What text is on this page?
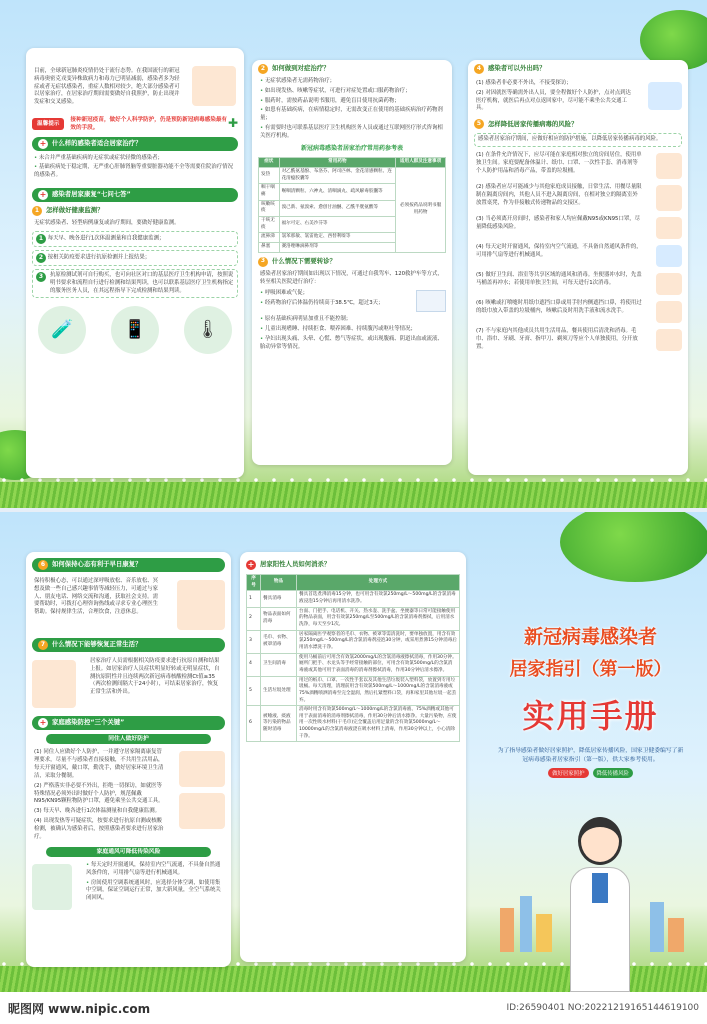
目前，全球新冠肺炎疫情仍处于流行态势。在我国流行的新冠病毒奥密克戎变异株致病力和毒力已明显减弱，感染者多为轻症或者无症状感染者，重症人数相对较少，绝大部分感染者可以居家治疗，在居家治疗期间需要做好自我照护，防止出现并发症和交叉感染。
温馨提示
接种新冠疫苗，做好个人科学防护，仍是预防新冠病毒感染最有效的手段。	✚
+ 什么样的感染者适合居家治疗？
• 未合并严重基础疾病的无症状或症状轻微的感染者；
• 基础疾病处于稳定期，无严重心肝肺肾脑等重要脏器功能不全等需要住院治疗情况的感染者。
+ 感染者居家康复“七问七答”
1	怎样做好健康监测？
无症状感染者、轻型病例康复或治疗期间，要做好健康监测。
1 每天早、晚各进行1次体温测量和自我健康监测；
2 按相关防疫要求进行抗原检测并上报结果；
3	抗原检测试剂可自行购买，也可向社区对口的基层医疗卫生机构申请，按照说明书要求和流程自行进行检测和结果判读，也可以联系基层医疗卫生机构指定的服务医务人员，在其远程指导下完成检测和结果判读。
🧪	📱	🌡
2	如何做到对症治疗？
• 无症状感染者无需药物治疗；
• 如出现发热、咳嗽等症状，可进行对症处置或口服药物治疗；
• 服药时，需按药品说明书服用，避免盲目使用抗菌药物；
• 如患有基础疾病，在病情稳定时，无需改变正在使用的基础疾病治疗药物剂量；
• 有需要时也可联系基层医疗卫生机构医务人员或通过互联网医疗形式咨询相关医疗机构。
新冠病毒感染者居家治疗常用药参考表
症状	常用药物	适用人群及注意事项
发热	对乙酰氨基酚、布洛芬、阿司匹林、金花清感颗粒、连花清瘟胶囊等	必须按药品说明书服用药物
咽干咽痛	喉咽清颗粒、六神丸、清咽滴丸、疏风解毒胶囊等	
咳嗽咳痰	溴己新、氨溴索、愈创甘油醚、乙酰半胱氨酸等	
干咳无痰	福尔可定、右美沙芬等	
流鼻涕	氯苯那敏、氯雷他定、西替利嗪等	
鼻塞	赛洛唑啉滴鼻剂等	
3	什么情况下需要转诊？
感染者居家治疗期间如出现以下情况，可通过自我驾车、120救护车等方式，转至相关医院进行治疗：
• 呼吸困难或气促；
• 经药物治疗后体温仍持续高于38.5℃，超过3天；
• 原有基础疾病明显加重且不能控制；
• 儿童出现嗜睡、持续拒食、喂养困难、持续腹泻或呕吐等情况；
• 孕妇出现头痛、头晕、心慌、憋气等症状，或出现腹痛、阴道出血或流液、胎动异常等情况。
4	感染者可以外出吗？
(1) 感染者非必要不外出，不接受探访；
(2) 对因就医等确需外出人员，要全程做好个人防护，点对点到达医疗机构，就医后再点对点返回家中，尽可能不乘坐公共交通工具。
5	怎样降低居家传播病毒的风险？
感染者居家治疗期间，应做好相应的防护措施，以降低居家传播病毒的风险。
(1) 在条件允许情况下，应尽可能在家庭相对独立的房间居住，使用单独卫生间。家庭要配备体温计、纸巾、口罩、一次性手套、消毒剂等个人防护用品和消毒产品，带盖的垃圾桶。
(2) 感染者应尽可能减少与其他家庭成员接触，日常生活、用餐尽量限制在隔离房间内，其他人员不进入隔离房间，在相对独立的隔离室外放置桌凳，作为非接触式传递物品的交接区。
(3) 当必须离开房间时，感染者和家人均应佩戴N95或KN95口罩，尽量降低感染风险。
(4) 每天定时开窗通风，保持室内空气流通，不具备自然通风条件的，可用排气扇等进行机械通风。
(5) 做好卫生间、浴室等共享区域的通风和消毒。坐便器冲水时，先盖马桶盖再冲水；若使用单独卫生间，可每天进行1次消毒。
(6) 咳嗽或打喷嚏时用纸巾遮挡口鼻或用手肘内侧遮挡口鼻，将使用过的纸巾放入带盖的垃圾桶内，咳嗽后及时用洗手液和流水洗手。
(7) 不与家庭内其他成员共用生活用品，餐具使用后清洗和消毒。毛巾、浴巾、牙刷、牙膏、指甲刀、剃须刀等应个人单独使用，分开放置。
6	如何保持心态有利于早日康复？
保持积极心态，可以通过深呼吸放松、音乐放松、冥想及做一些自己感兴趣事情等减轻压力，可通过与家人、朋友电话、网络交流和沟通，获取社会支持。需要帮助时，可拨打心理咨询热线或寻求专业心理医生帮助。保持规律生活，合理饮食，注意休息。
7	什么情况下能够恢复正常生活？
居家治疗人员需根据相关防疫要求进行抗原自测和结果上报。如居家治疗人员症状明显好转或无明显症状，自测抗原阴性并且连续两次新冠病毒核酸检测Ct值≥35（两次检测间隔大于24小时），可结束居家治疗，恢复正常生活和外出。
+ 家庭感染防控“三个关键”
同住人做好防护
(1) 同住人应做好个人防护，一并遵守居家隔离康复管理要求，尽量不与感染者直接接触，不共用生活用品，每天开窗通风，戴口罩，勤洗手，做好居家环境卫生清洁，采取分餐制。
(2) 严格落实非必要不外出，拒绝一切探访，如就医等特殊情况必须外出时做好个人防护，规范佩戴N95/KN95颗粒物防护口罩，避免乘坐公共交通工具。
(3) 每天早、晚各进行1次体温测量和自我健康监测。
(4) 出现发热等可疑症状，按要求进行抗原自测或核酸检测，被确认为感染者后，按照感染者要求进行居家治疗。
家庭通风可降低传染风险
• 每天定时开窗通风，保持室内空气流通，不具备自然通风条件的，可用排气扇等进行机械通风。
• 房间使用空调系统通风时，应选择分体空调，如使用集中空调，保证空调运行正常，加大新风量，全空气系统关闭回风。
+ 居家阳性人员如何消杀？
序号	物品	处理方式
1	餐具消毒	餐具首选煮沸消毒15分钟，也可用含有效氯250mg/L～500mg/L的含氯消毒液浸泡15分钟后再用清水洗净。
2	物品表面如何消毒	台面、门把手、电话机、开关、热水壶、洗手盆、坐便器等日常可能接触使用的物品表面，用含有效氯250mg/L至500mg/L的含氯消毒剂擦拭，后用清水洗净，每天至少1次。
3	毛巾、衣物、被罩消毒	居家隔离医学观察者的毛巾、衣物、被罩等需清洗时，要单独放置，用含有效氯250mg/L～500mg/L的含氯消毒剂浸泡30分钟，或采用煮沸15分钟消毒后用清水漂洗干净。
4	卫生间消毒	使用马桶前后可用含有效氯2000mg/L的含氯消毒液擦拭消毒，作用30分钟。厕所门把手、水龙头等手经常接触的部位，可用含有效氯500mg/L的含氯消毒液或其他可用于表面消毒的消毒剂擦拭消毒，作用30分钟后清水擦净。
5	生活垃圾处理	用过的纸巾、口罩、一次性手套以及其他生活垃圾装入塑料袋，放置到专用垃圾桶。每天清理，清理前用含有效氯500mg/L～1000mg/L的含氯消毒液或75%酒精喷洒消毒至完全湿润，然后扎紧塑料口袋，再和家里其他垃圾一起丢弃。
6	被唾液、痰液等污染的物品随时消毒	消毒时用含有效氯500mg/L～1000mg/L的含氯消毒液、75%酒精或其他可用于表面消毒的消毒剂擦拭消毒，作用30分钟后清水擦净。大量污染物，应使用一次性吸水材料(干毛巾)完全覆盖后用足量的含有效氯5000mg/L～10000mg/L的含氯消毒液浇在吸水材料上消毒，作用30分钟以上，小心清除干净。
新冠病毒感染者
居家指引（第一版）
实用手册
为了指导感染者做好居家照护，降低居家传播风险，国家卫健委编写了新冠病毒感染者居家指引（第一版），供大家参考使用。
做好居家照护	降低传播风险
昵图网 www.nipic.com	ID:26590401 NO:20221219165144619100
